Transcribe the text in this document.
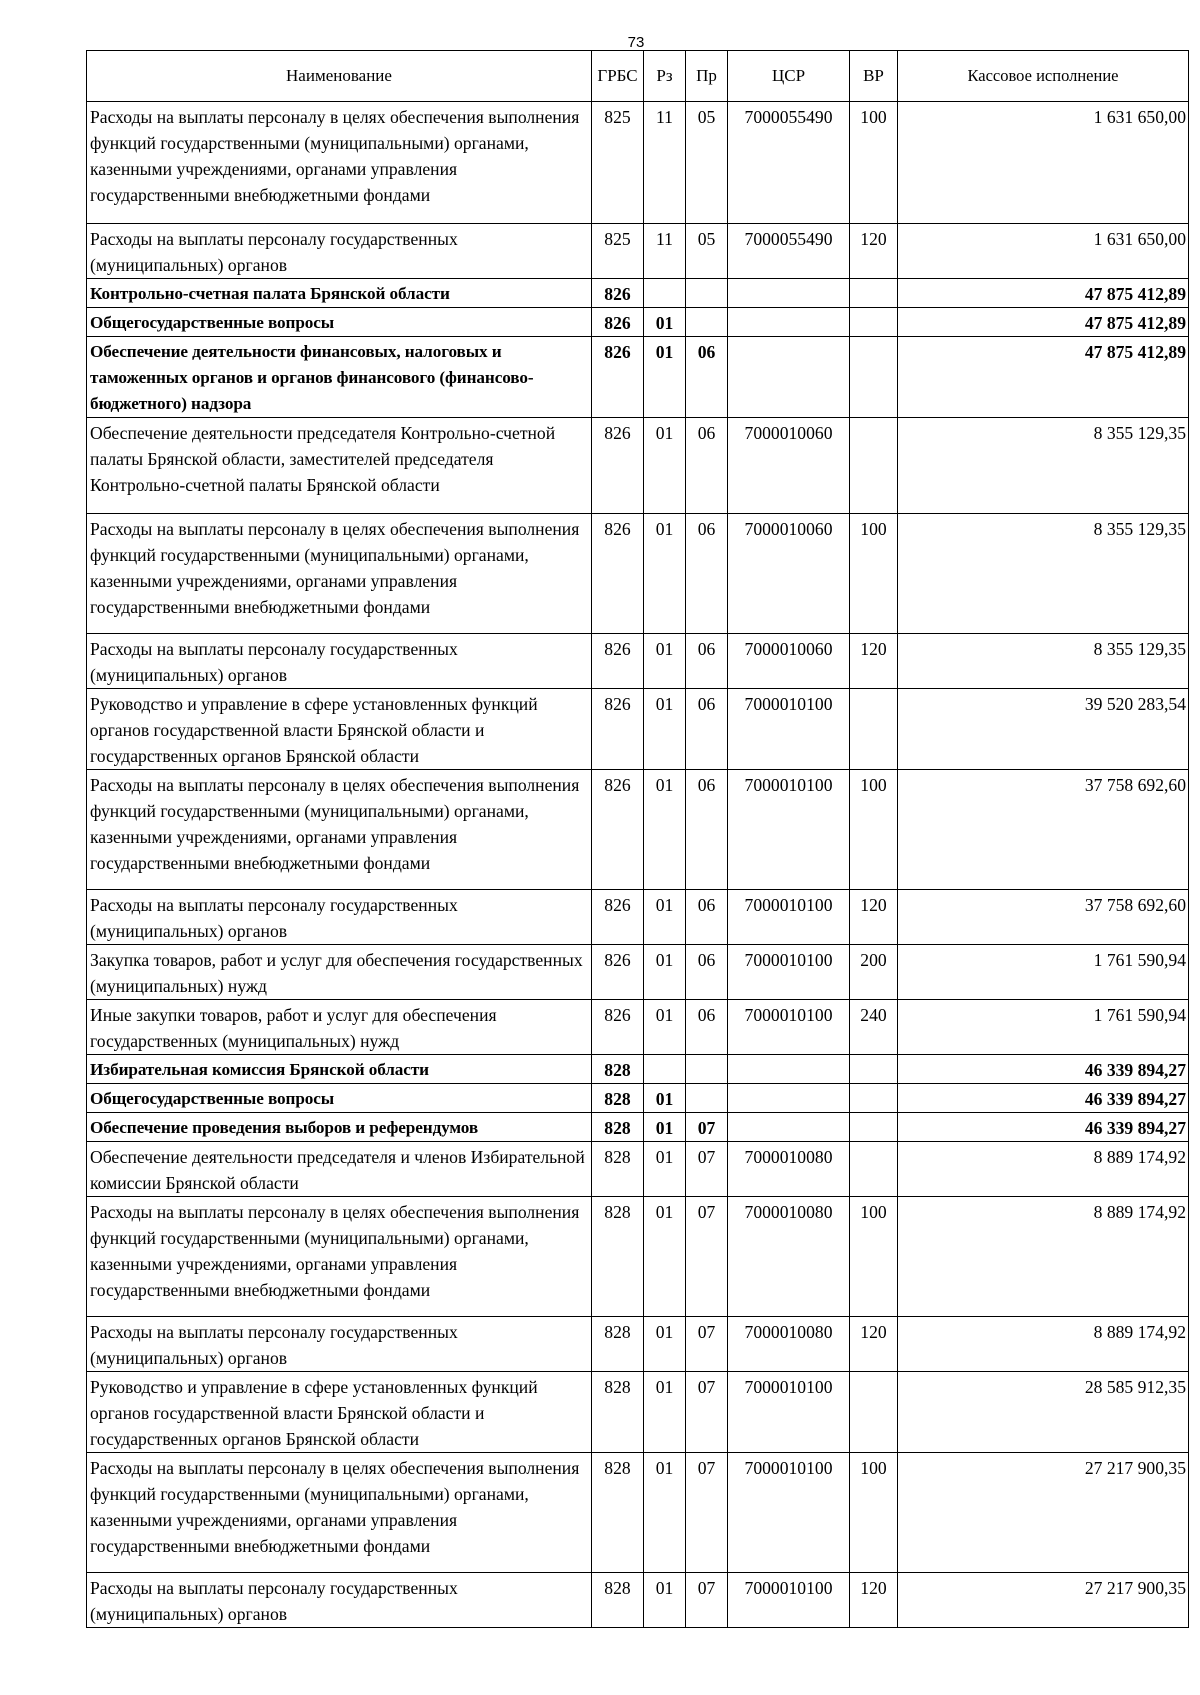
73
Наименование	ГРБС	Рз	Пр	ЦСР	ВР	Кассовое исполнение
Расходы на выплаты персоналу в целях обеспечения выполнения функций государственными (муниципальными) органами, казенными учреждениями, органами управления государственными внебюджетными фондами	825	11	05	7000055490	100	1 631 650,00
Расходы на выплаты персоналу государственных (муниципальных) органов	825	11	05	7000055490	120	1 631 650,00
Контрольно-счетная палата Брянской области	826					47 875 412,89
Общегосударственные вопросы	826	01				47 875 412,89
Обеспечение деятельности финансовых, налоговых и таможенных органов и органов финансового (финансово-бюджетного) надзора	826	01	06			47 875 412,89
Обеспечение деятельности председателя Контрольно-счетной палаты Брянской области, заместителей председателя Контрольно-счетной палаты Брянской области	826	01	06	7000010060		8 355 129,35
Расходы на выплаты персоналу в целях обеспечения выполнения функций государственными (муниципальными) органами, казенными учреждениями, органами управления государственными внебюджетными фондами	826	01	06	7000010060	100	8 355 129,35
Расходы на выплаты персоналу государственных (муниципальных) органов	826	01	06	7000010060	120	8 355 129,35
Руководство и управление в сфере установленных функций органов государственной власти Брянской области и государственных органов Брянской области	826	01	06	7000010100		39 520 283,54
Расходы на выплаты персоналу в целях обеспечения выполнения функций государственными (муниципальными) органами, казенными учреждениями, органами управления государственными внебюджетными фондами	826	01	06	7000010100	100	37 758 692,60
Расходы на выплаты персоналу государственных (муниципальных) органов	826	01	06	7000010100	120	37 758 692,60
Закупка товаров, работ и услуг для обеспечения государственных (муниципальных) нужд	826	01	06	7000010100	200	1 761 590,94
Иные закупки товаров, работ и услуг для обеспечения государственных (муниципальных) нужд	826	01	06	7000010100	240	1 761 590,94
Избирательная комиссия Брянской области	828					46 339 894,27
Общегосударственные вопросы	828	01				46 339 894,27
Обеспечение проведения выборов и референдумов	828	01	07			46 339 894,27
Обеспечение деятельности председателя и членов Избирательной комиссии Брянской области	828	01	07	7000010080		8 889 174,92
Расходы на выплаты персоналу в целях обеспечения выполнения функций государственными (муниципальными) органами, казенными учреждениями, органами управления государственными внебюджетными фондами	828	01	07	7000010080	100	8 889 174,92
Расходы на выплаты персоналу государственных (муниципальных) органов	828	01	07	7000010080	120	8 889 174,92
Руководство и управление в сфере установленных функций органов государственной власти Брянской области и государственных органов Брянской области	828	01	07	7000010100		28 585 912,35
Расходы на выплаты персоналу в целях обеспечения выполнения функций государственными (муниципальными) органами, казенными учреждениями, органами управления государственными внебюджетными фондами	828	01	07	7000010100	100	27 217 900,35
Расходы на выплаты персоналу государственных (муниципальных) органов	828	01	07	7000010100	120	27 217 900,35
